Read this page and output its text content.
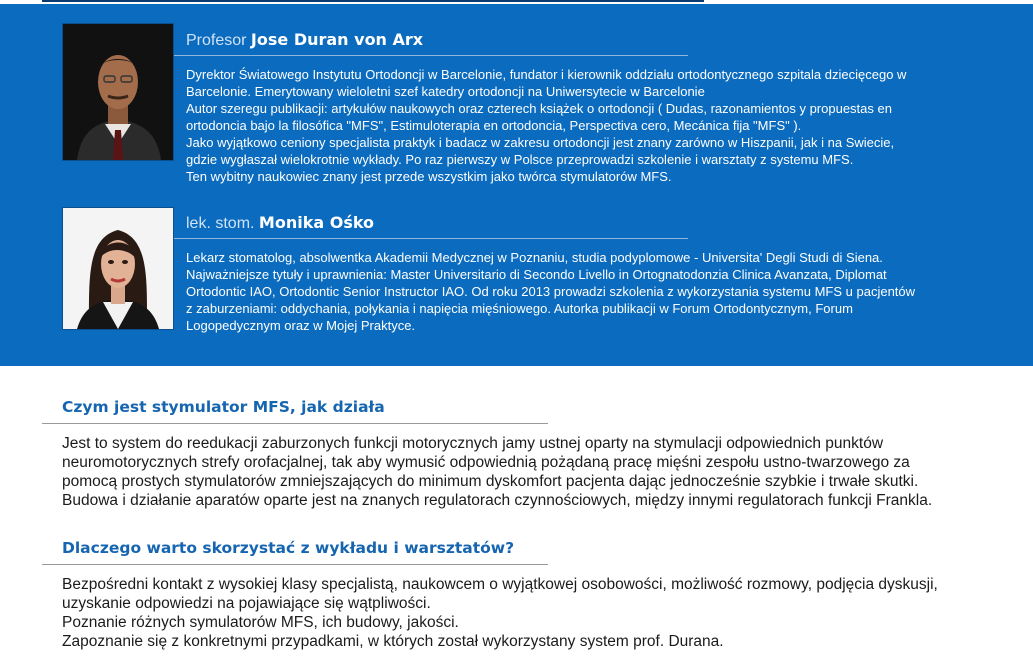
Profesor Jose Duran von Arx
Dyrektor Światowego Instytutu Ortodoncji w Barcelonie, fundator i kierownik oddziału ortodontycznego szpitala dziecięcego w
Barcelonie. Emerytowany wieloletni szef katedry ortodoncji na Uniwersytecie w Barcelonie
Autor szeregu publikacji: artykułów naukowych oraz czterech książek o ortodoncji ( Dudas, razonamientos y propuestas en
ortodoncia bajo la filosófica "MFS", Estimuloterapia en ortodoncia, Perspectiva cero, Mecánica fija "MFS" ).
Jako wyjątkowo ceniony specjalista praktyk i badacz w zakresu ortodoncji jest znany zarówno w Hiszpanii, jak i na Swiecie,
gdzie wygłaszał wielokrotnie wykłady. Po raz pierwszy w Polsce przeprowadzi szkolenie i warsztaty z systemu MFS.
Ten wybitny naukowiec znany jest przede wszystkim jako twórca stymulatorów MFS.
lek. stom. Monika Ośko
Lekarz stomatolog, absolwentka Akademii Medycznej w Poznaniu, studia podyplomowe - Universita' Degli Studi di Siena.
Najważniejsze tytuły i uprawnienia: Master Universitario di Secondo Livello in Ortognatodonzia Clinica Avanzata, Diplomat
Ortodontic IAO, Ortodontic Senior Instructor IAO. Od roku 2013 prowadzi szkolenia z wykorzystania systemu MFS u pacjentów
z zaburzeniami: oddychania, połykania i napięcia mięśniowego. Autorka publikacji w Forum Ortodontycznym, Forum
Logopedycznym oraz w Mojej Praktyce.
Czym jest stymulator MFS, jak działa
Jest to system do reedukacji zaburzonych funkcji motorycznych jamy ustnej oparty na stymulacji odpowiednich punktów
neuromotorycznych strefy orofacjalnej, tak aby wymusić odpowiednią pożądaną pracę mięśni zespołu ustno-twarzowego za
pomocą prostych stymulatorów zmniejszających do minimum dyskomfort pacjenta dając jednocześnie szybkie i trwałe skutki.
Budowa i działanie aparatów oparte jest na znanych regulatorach czynnościowych, między innymi regulatorach funkcji Frankla.
Dlaczego warto skorzystać z wykładu i warsztatów?
Bezpośredni kontakt z wysokiej klasy specjalistą, naukowcem o wyjątkowej osobowości, możliwość rozmowy, podjęcia dyskusji,
uzyskanie odpowiedzi na pojawiające się wątpliwości.
Poznanie różnych symulatorów MFS, ich budowy, jakości.
Zapoznanie się z konkretnymi przypadkami, w których został wykorzystany system prof. Durana.
